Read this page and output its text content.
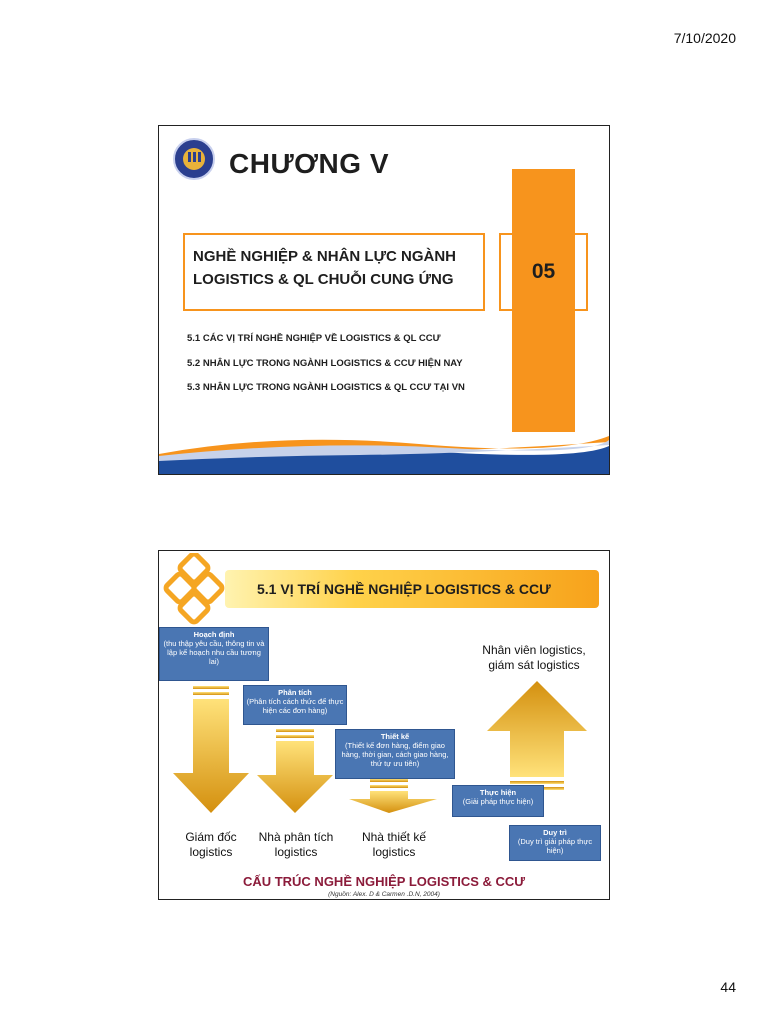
7/10/2020
CHƯƠNG V
NGHỀ NGHIỆP & NHÂN LỰC NGÀNH
LOGISTICS & QL CHUỖI CUNG ỨNG	05
5.1 CÁC VỊ TRÍ NGHỀ NGHIỆP VỀ LOGISTICS & QL CCƯ
5.2 NHÂN LỰC TRONG NGÀNH LOGISTICS & CCƯ HIỆN NAY
5.3 NHÂN LỰC TRONG NGÀNH LOGISTICS & QL CCƯ TẠI VN
5.1 VỊ TRÍ NGHỀ NGHIỆP LOGISTICS & CCƯ
Hoạch định
(thu thập yêu cầu, thông tin và lập kế hoạch nhu cầu tương lai)
Phân tích
(Phân tích cách thức để thực hiện các đơn hàng)
Thiết kế
(Thiết kế đơn hàng, điểm giao hàng, thời gian, cách giao hàng, thứ tự ưu tiên)
Thực hiện
(Giải pháp thực hiện)
Duy trì
(Duy trì giải pháp thực hiện)
Nhân viên logistics,
giám sát logistics
Giám đốc
logistics
Nhà phân tích
logistics
Nhà thiết kế
logistics
CẤU TRÚC NGHỀ NGHIỆP LOGISTICS & CCƯ
(Nguồn: Alex. D & Carmen .D.N, 2004)
44
